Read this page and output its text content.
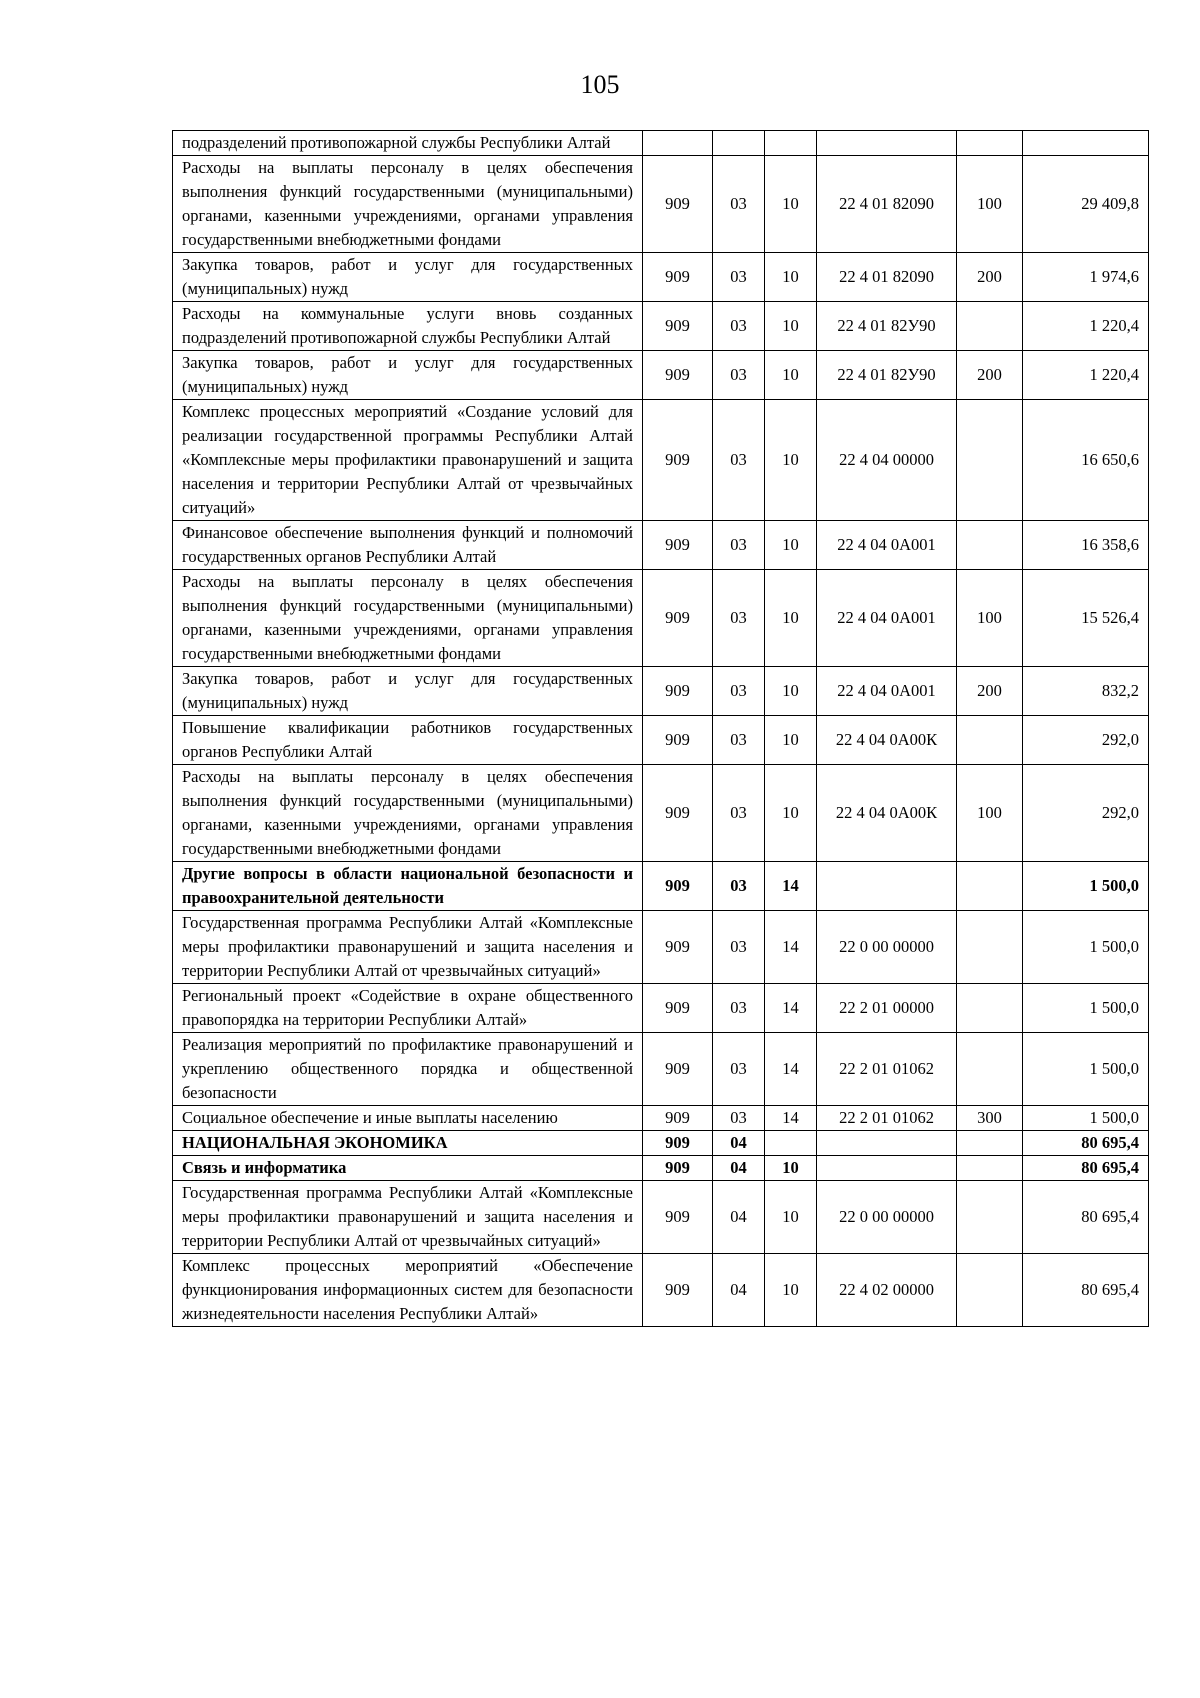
105
подразделений противопожарной службы Республики Алтай						
Расходы на выплаты персоналу в целях обеспечения выполнения функций государственными (муниципальными) органами, казенными учреждениями, органами управления государственными внебюджетными фондами	909	03	10	22 4 01 82090	100	29 409,8
Закупка товаров, работ и услуг для государственных (муниципальных) нужд	909	03	10	22 4 01 82090	200	1 974,6
Расходы на коммунальные услуги вновь созданных подразделений противопожарной службы Республики Алтай	909	03	10	22 4 01 82У90		1 220,4
Закупка товаров, работ и услуг для государственных (муниципальных) нужд	909	03	10	22 4 01 82У90	200	1 220,4
Комплекс процессных мероприятий «Создание условий для реализации государственной программы Республики Алтай «Комплексные меры профилактики правонарушений и защита населения и территории Республики Алтай от чрезвычайных ситуаций»	909	03	10	22 4 04 00000		16 650,6
Финансовое обеспечение выполнения функций и полномочий государственных органов Республики Алтай	909	03	10	22 4 04 0А001		16 358,6
Расходы на выплаты персоналу в целях обеспечения выполнения функций государственными (муниципальными) органами, казенными учреждениями, органами управления государственными внебюджетными фондами	909	03	10	22 4 04 0А001	100	15 526,4
Закупка товаров, работ и услуг для государственных (муниципальных) нужд	909	03	10	22 4 04 0А001	200	832,2
Повышение квалификации работников государственных органов Республики Алтай	909	03	10	22 4 04 0А00К		292,0
Расходы на выплаты персоналу в целях обеспечения выполнения функций государственными (муниципальными) органами, казенными учреждениями, органами управления государственными внебюджетными фондами	909	03	10	22 4 04 0А00К	100	292,0
Другие вопросы в области национальной безопасности и правоохранительной деятельности	909	03	14			1 500,0
Государственная программа Республики Алтай «Комплексные меры профилактики правонарушений и защита населения и территории Республики Алтай от чрезвычайных ситуаций»	909	03	14	22 0 00 00000		1 500,0
Региональный проект «Содействие в охране общественного правопорядка на территории Республики Алтай»	909	03	14	22 2 01 00000		1 500,0
Реализация мероприятий по профилактике правонарушений и укреплению общественного порядка и общественной безопасности	909	03	14	22 2 01 01062		1 500,0
Социальное обеспечение и иные выплаты населению	909	03	14	22 2 01 01062	300	1 500,0
НАЦИОНАЛЬНАЯ ЭКОНОМИКА	909	04				80 695,4
Связь и информатика	909	04	10			80 695,4
Государственная программа Республики Алтай «Комплексные меры профилактики правонарушений и защита населения и территории Республики Алтай от чрезвычайных ситуаций»	909	04	10	22 0 00 00000		80 695,4
Комплекс процессных мероприятий «Обеспечение функционирования информационных систем для безопасности жизнедеятельности населения Республики Алтай»	909	04	10	22 4 02 00000		80 695,4
